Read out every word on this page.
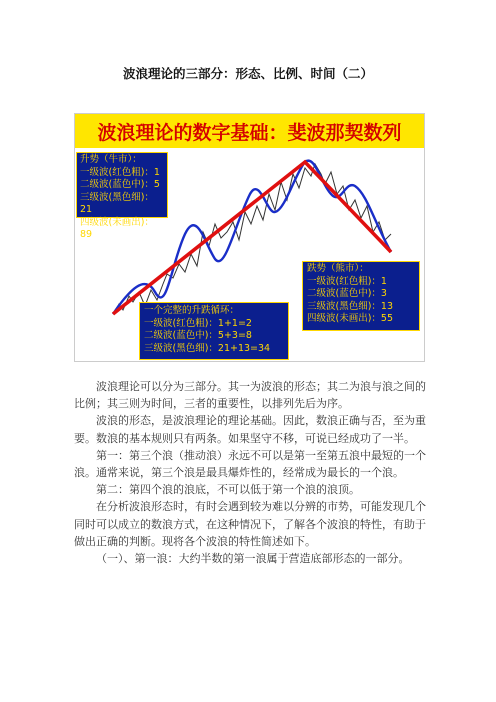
波浪理论的三部分：形态、比例、时间（二）
波浪理论的数字基础：斐波那契数列
升势（牛市）：
一级波(红色粗)：1
二级波(蓝色中)：5
三级波(黑色细)：21
四级波(未画出)：89
跌势（熊市）：
一级波(红色粗)：1
二级波(蓝色中)：3
三级波(黑色细)：13
四级波(未画出)：55
一个完整的升跌循环：
一级波(红色粗)：1+1=2
二级波(蓝色中)：5+3=8
三级波(黑色细)：21+13=34

波浪理论可以分为三部分。其一为波浪的形态；其二为浪与浪之间的比例；其三则为时间，三者的重要性，以排列先后为序。

波浪的形态，是波浪理论的理论基础。因此，数浪正确与否，至为重要。数浪的基本规则只有两条。如果坚守不移，可说已经成功了一半。

第一：第三个浪（推动浪）永远不可以是第一至第五浪中最短的一个浪。通常来说，第三个浪是最具爆炸性的，经常成为最长的一个浪。

第二：第四个浪的浪底，不可以低于第一个浪的浪顶。

在分析波浪形态时，有时会遇到较为难以分辨的市势，可能发现几个同时可以成立的数浪方式，在这种情况下，了解各个波浪的特性，有助于做出正确的判断。现将各个波浪的特性简述如下。

（一）、第一浪：大约半数的第一浪属于营造底部形态的一部分。
